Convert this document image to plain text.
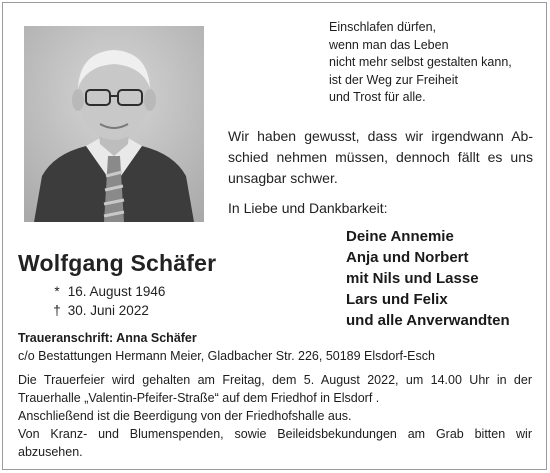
Einschlafen dürfen,
wenn man das Leben
nicht mehr selbst gestalten kann,
ist der Weg zur Freiheit
und Trost für alle.
Wir haben gewusst, dass wir irgendwann Ab-
schied nehmen müssen, dennoch fällt es uns
unsagbar schwer.
In Liebe und Dankbarkeit:
Deine Annemie
Anja und Norbert
mit Nils und Lasse
Lars und Felix
und alle Anverwandten
Wolfgang Schäfer
* 16. August 1946
† 30. Juni 2022
Traueranschrift: Anna Schäfer
c/o Bestattungen Hermann Meier, Gladbacher Str. 226, 50189 Elsdorf-Esch
Die Trauerfeier wird gehalten am Freitag, dem 5. August 2022, um 14.00 Uhr in der
Trauerhalle „Valentin-Pfeifer-Straße“ auf dem Friedhof in Elsdorf .
Anschließend ist die Beerdigung von der Friedhofshalle aus.
Von Kranz- und Blumenspenden, sowie Beileidsbekundungen am Grab bitten wir
abzusehen.
